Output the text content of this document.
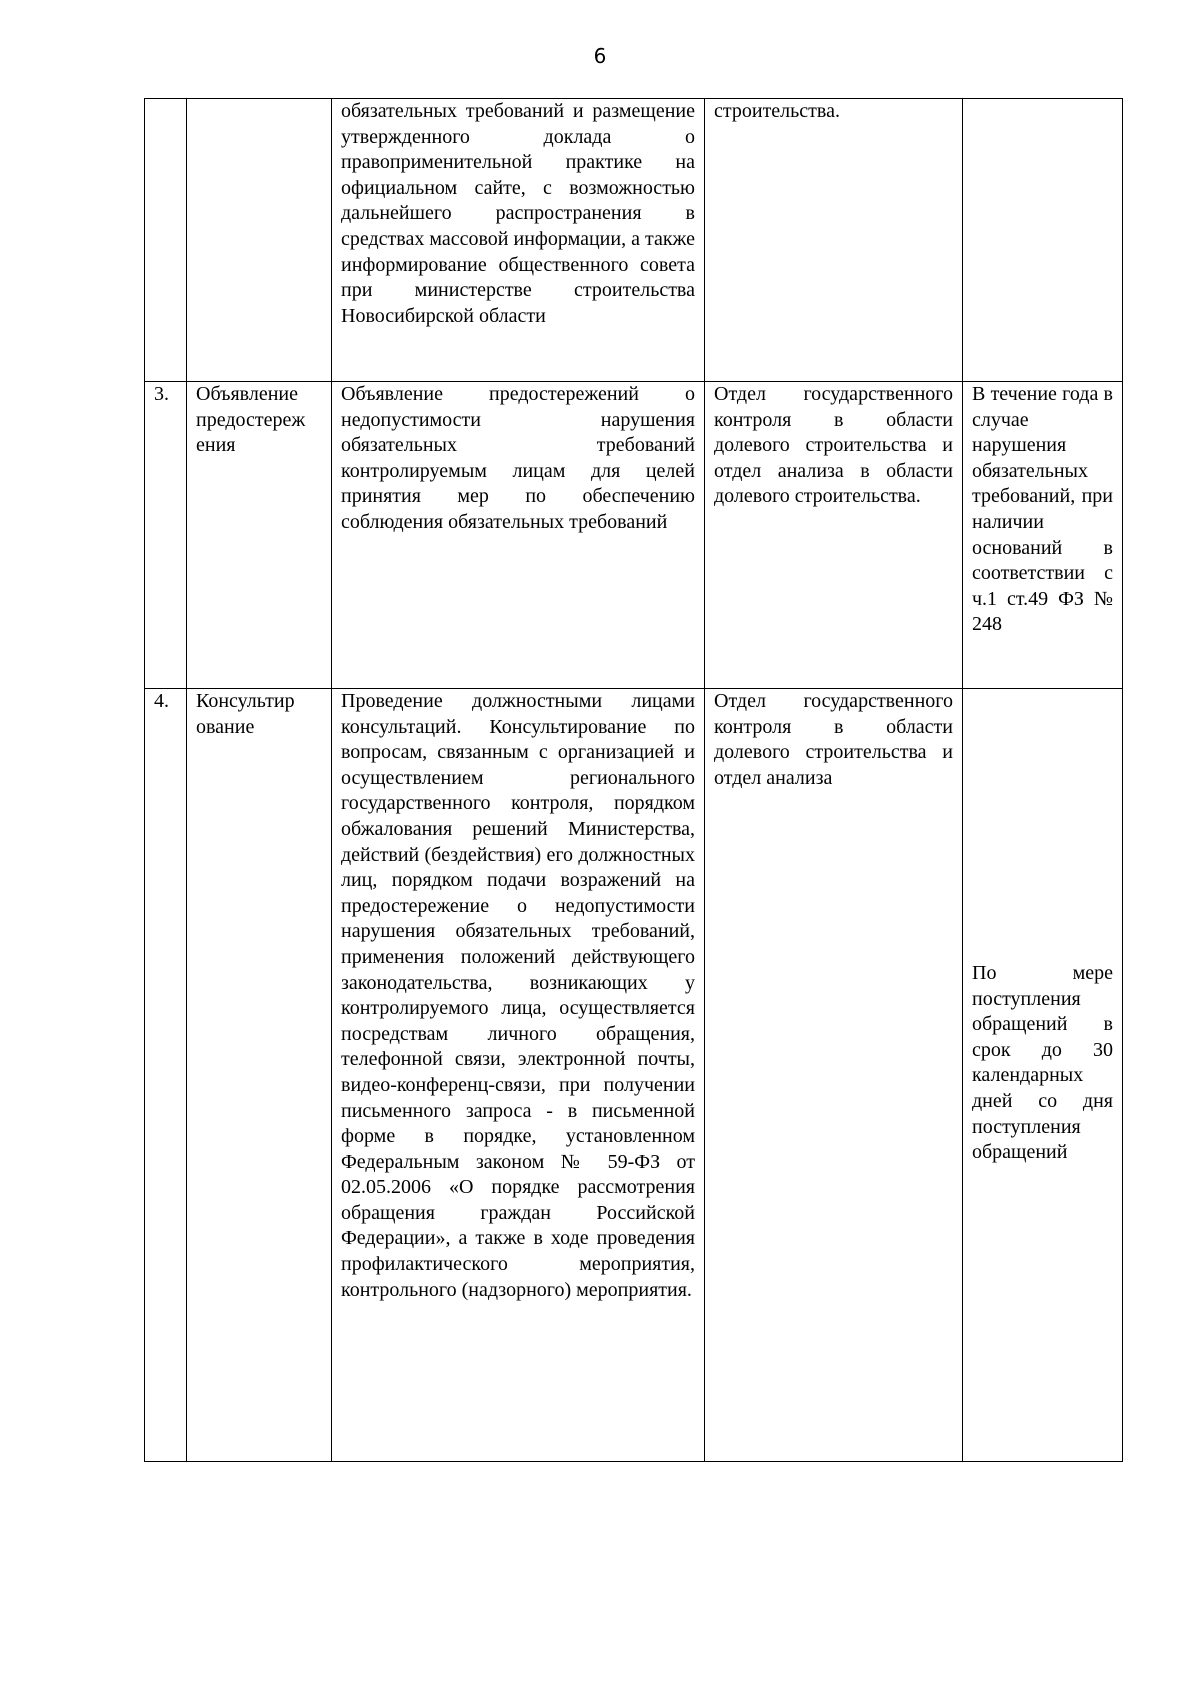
6
		обязательных требований и размещение утвержденного доклада о правоприменительной практике на официальном сайте, с возможностью дальнейшего распространения в средствах массовой информации, а также информирование общественного совета при министерстве строительства Новосибирской области	строительства.	
3.	Объявление предостереж ения	Объявление предостережений о недопустимости нарушения обязательных требований контролируемым лицам для целей принятия мер по обеспечению соблюдения обязательных требований	Отдел государственного контроля в области долевого строительства и отдел анализа в области долевого строительства.	В течение года в случае нарушения обязательных требований, при наличии оснований в соответствии с ч.1 ст.49 ФЗ № 248
4.	Консультир ование	Проведение должностными лицами консультаций. Консультирование по вопросам, связанным с организацией и осуществлением регионального государственного контроля, порядком обжалования решений Министерства, действий (бездействия) его должностных лиц, порядком подачи возражений на предостережение о недопустимости нарушения обязательных требований, применения положений действующего законодательства, возникающих у контролируемого лица, осуществляется посредствам личного обращения, телефонной связи, электронной почты, видео-конференц-связи, при получении письменного запроса - в письменной форме в порядке, установленном Федеральным законом № 59-ФЗ от 02.05.2006 «О порядке рассмотрения обращения граждан Российской Федерации», а также в ходе проведения профилактического мероприятия, контрольного (надзорного) мероприятия.	Отдел государственного контроля в области долевого строительства и отдел анализа	По мере поступления обращений в срок до 30 календарных дней со дня поступления обращений
